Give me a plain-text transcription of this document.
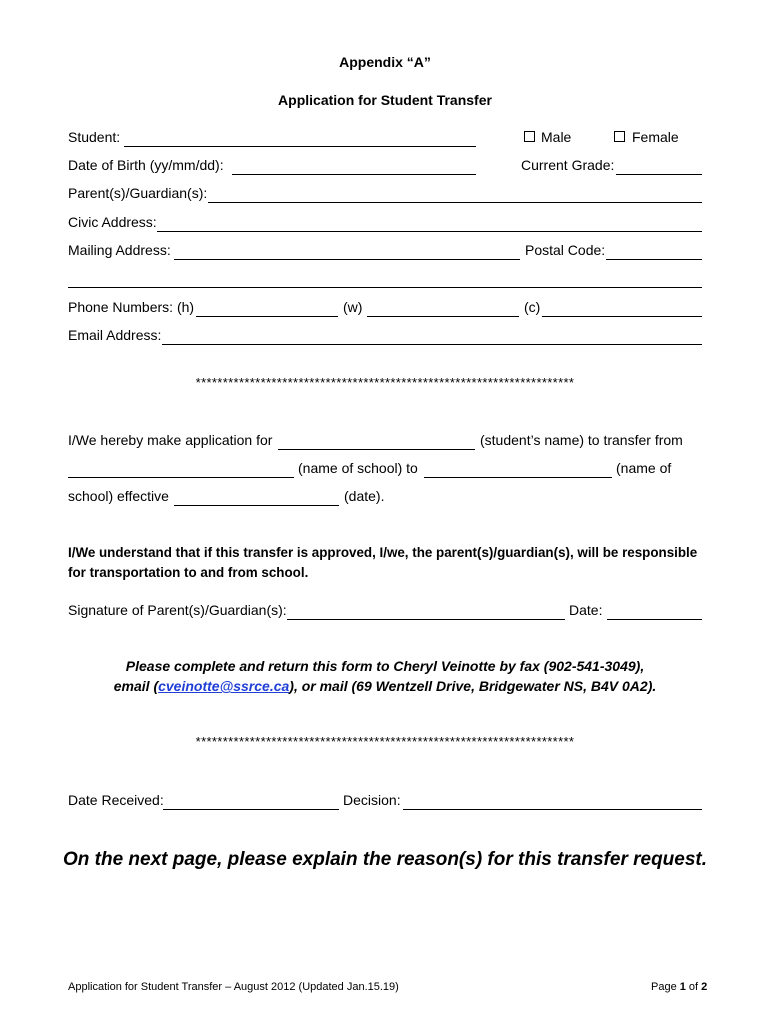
Appendix “A”
Application for Student Transfer
Student:	Male	Female
Date of Birth (yy/mm/dd):	Current Grade:
Parent(s)/Guardian(s):
Civic Address:
Mailing Address:	Postal Code:
Phone Numbers: (h)	(w)	(c)
Email Address:
**********************************************************************
I/We hereby make application for	(student’s name) to transfer from
(name of school) to	(name of
school) effective	(date).
I/We understand that if this transfer is approved, I/we, the parent(s)/guardian(s), will be responsible
for transportation to and from school.
Signature of Parent(s)/Guardian(s):	Date:
Please complete and return this form to Cheryl Veinotte by fax (902-541-3049),
email (cveinotte@ssrce.ca), or mail (69 Wentzell Drive, Bridgewater NS, B4V 0A2).
**********************************************************************
Date Received:	Decision:
On the next page, please explain the reason(s) for this transfer request.
Application for Student Transfer – August 2012 (Updated Jan.15.19)	Page 1 of 2
